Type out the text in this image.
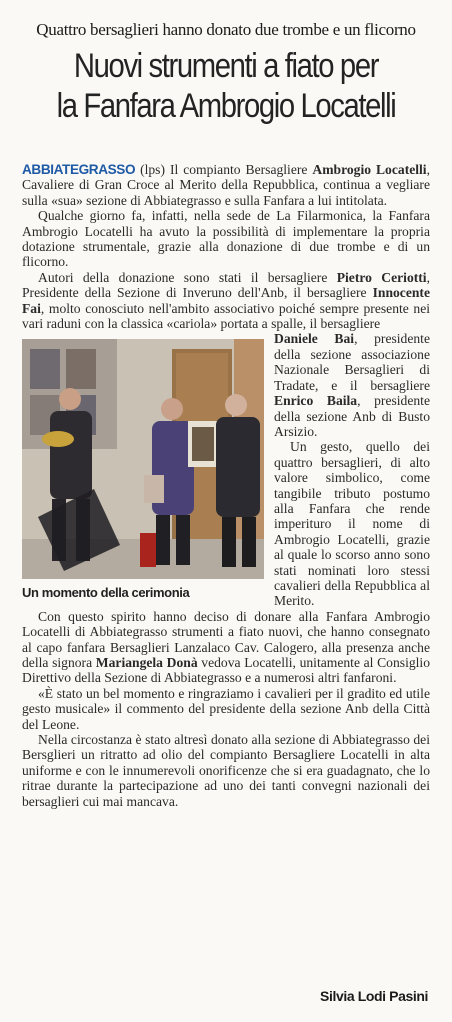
Quattro bersaglieri hanno donato due trombe e un flicorno
Nuovi strumenti a fiato per
la Fanfara Ambrogio Locatelli

ABBIATEGRASSO (lps) Il compianto Bersagliere Ambrogio Locatelli, Cavaliere di Gran Croce al Merito della Repubblica, continua a vegliare sulla «sua» sezione di Abbiategrasso e sulla Fanfara a lui intitolata.

Qualche giorno fa, infatti, nella sede de La Filarmonica, la Fanfara Ambrogio Locatelli ha avuto la possibilità di implementare la propria dotazione strumentale, grazie alla donazione di due trombe e di un flicorno.

Autori della donazione sono stati il bersagliere Pietro Ceriotti, Presidente della Sezione di Inveruno dell'Anb, il bersagliere Innocente Fai, molto conosciuto nell'ambito associativo poiché sempre presente nei vari raduni con la classica «cariola» portata a spalle, il bersagliere

Un momento della cerimonia

Daniele Bai, presidente della sezione associazione Nazionale Bersaglieri di Tradate, e il bersagliere Enrico Baila, presidente della sezione Anb di Busto Arsizio.

Un gesto, quello dei quattro bersaglieri, di alto valore simbolico, come tangibile tributo postumo alla Fanfara che rende imperituro il nome di Ambrogio Locatelli, grazie al quale lo scorso anno sono stati nominati loro stessi cavalieri della Repubblica al Merito.

Con questo spirito hanno deciso di donare alla Fanfara Ambrogio Locatelli di Abbiategrasso strumenti a fiato nuovi, che hanno consegnato al capo fanfara Bersaglieri Lanzalaco Cav. Calogero, alla presenza anche della signora Mariangela Donà vedova Locatelli, unitamente al Consiglio Direttivo della Sezione di Abbiategrasso e a numerosi altri fanfaroni.

«È stato un bel momento e ringraziamo i cavalieri per il gradito ed utile gesto musicale» il commento del presidente della sezione Anb della Città del Leone.

Nella circostanza è stato altresì donato alla sezione di Abbiategrasso dei Bersglieri un ritratto ad olio del compianto Bersagliere Locatelli in alta uniforme e con le innumerevoli onorificenze che si era guadagnato, che lo ritrae durante la partecipazione ad uno dei tanti convegni nazionali dei bersaglieri cui mai mancava.

Silvia Lodi Pasini
